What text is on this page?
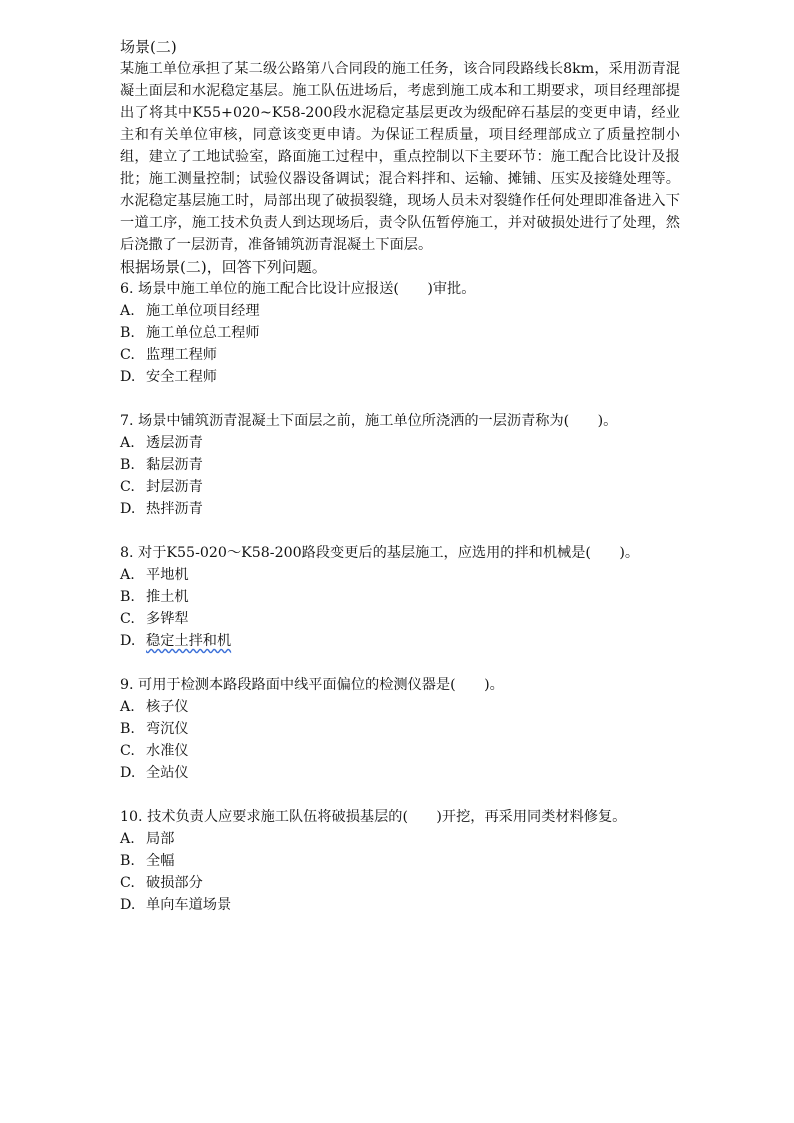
场景(二)

某施工单位承担了某二级公路第八合同段的施工任务，该合同段路线长8km，采用沥青混凝土面层和水泥稳定基层。施工队伍进场后，考虑到施工成本和工期要求，项目经理部提出了将其中K55+020~K58-200段水泥稳定基层更改为级配碎石基层的变更申请，经业主和有关单位审核，同意该变更申请。为保证工程质量，项目经理部成立了质量控制小组，建立了工地试验室，路面施工过程中，重点控制以下主要环节：施工配合比设计及报批；施工测量控制；试验仪器设备调试；混合料拌和、运输、摊铺、压实及接缝处理等。水泥稳定基层施工时，局部出现了破损裂缝，现场人员未对裂缝作任何处理即准备进入下一道工序，施工技术负责人到达现场后，责令队伍暂停施工，并对破损处进行了处理，然后浇撒了一层沥青，准备铺筑沥青混凝土下面层。

根据场景(二)，回答下列问题。
6. 场景中施工单位的施工配合比设计应报送(　　)审批。
A. 施工单位项目经理
B. 施工单位总工程师
C. 监理工程师
D. 安全工程师
7. 场景中铺筑沥青混凝土下面层之前，施工单位所浇洒的一层沥青称为(　　)。
A. 透层沥青
B. 黏层沥青
C. 封层沥青
D. 热拌沥青
8. 对于K55-020～K58-200路段变更后的基层施工，应选用的拌和机械是(　　)。
A. 平地机
B. 推土机
C. 多铧犁
D. 稳定土拌和机
9. 可用于检测本路段路面中线平面偏位的检测仪器是(　　)。
A. 核子仪
B. 弯沉仪
C. 水准仪
D. 全站仪
10. 技术负责人应要求施工队伍将破损基层的(　　)开挖，再采用同类材料修复。
A. 局部
B. 全幅
C. 破损部分
D. 单向车道场景
